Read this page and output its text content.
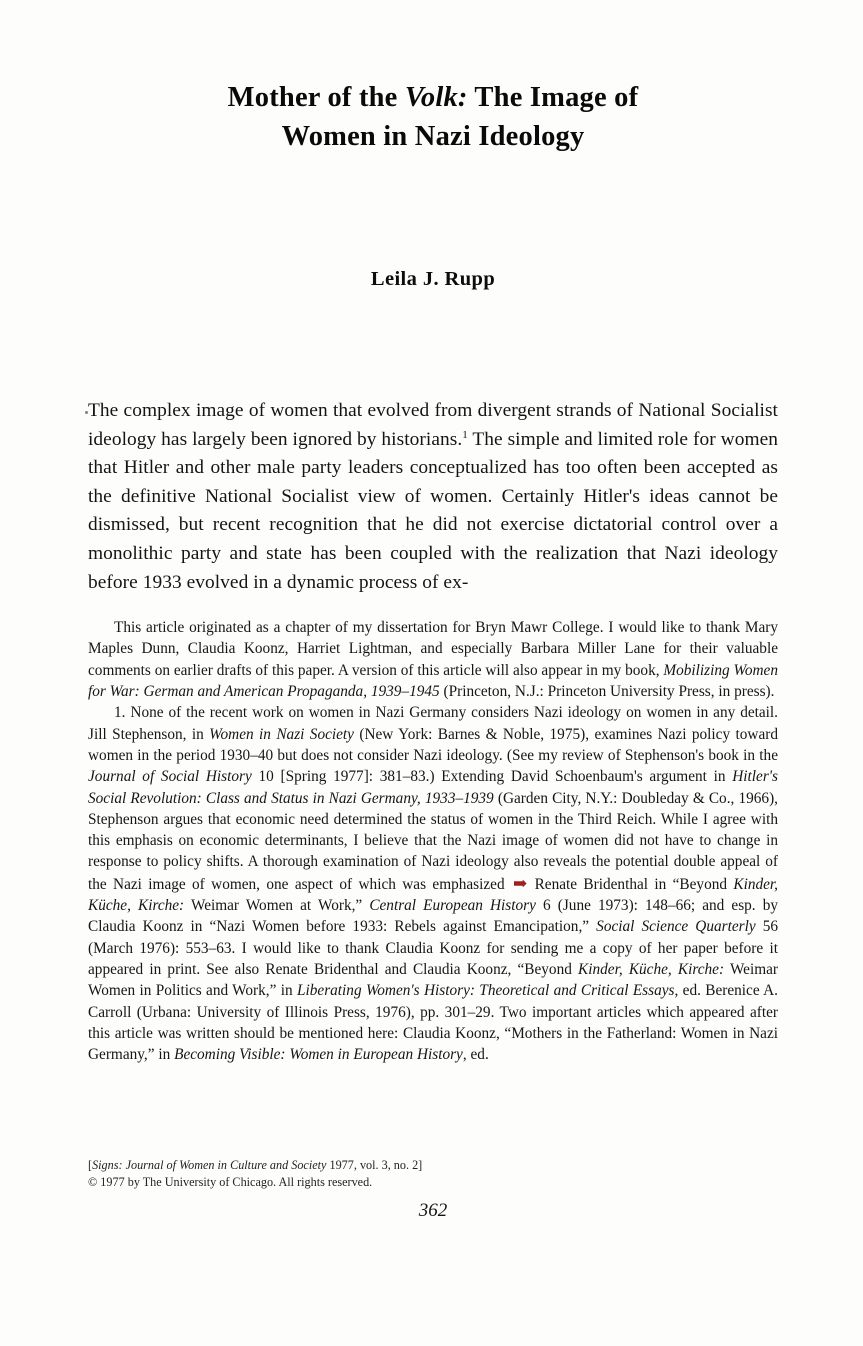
Mother of the Volk: The Image of
Women in Nazi Ideology
Leila J. Rupp
The complex image of women that evolved from divergent strands of National Socialist ideology has largely been ignored by historians.$^1$ The simple and limited role for women that Hitler and other male party leaders conceptualized has too often been accepted as the definitive National Socialist view of women. Certainly Hitler's ideas cannot be dismissed, but recent recognition that he did not exercise dictatorial control over a monolithic party and state has been coupled with the realization that Nazi ideology before 1933 evolved in a dynamic process of ex-

This article originated as a chapter of my dissertation for Bryn Mawr College. I would like to thank Mary Maples Dunn, Claudia Koonz, Harriet Lightman, and especially Barbara Miller Lane for their valuable comments on earlier drafts of this paper. A version of this article will also appear in my book, Mobilizing Women for War: German and American Propaganda, 1939–1945 (Princeton, N.J.: Princeton University Press, in press).

1. None of the recent work on women in Nazi Germany considers Nazi ideology on women in any detail. Jill Stephenson, in Women in Nazi Society (New York: Barnes & Noble, 1975), examines Nazi policy toward women in the period 1930–40 but does not consider Nazi ideology. (See my review of Stephenson's book in the Journal of Social History 10 [Spring 1977]: 381–83.) Extending David Schoenbaum's argument in Hitler's Social Revolution: Class and Status in Nazi Germany, 1933–1939 (Garden City, N.Y.: Doubleday & Co., 1966), Stephenson argues that economic need determined the status of women in the Third Reich. While I agree with this emphasis on economic determinants, I believe that the Nazi image of women did not have to change in response to policy shifts. A thorough examination of Nazi ideology also reveals the potential double appeal of the Nazi image of women, one aspect of which was emphasized ➡ Renate Bridenthal in “Beyond Kinder, Küche, Kirche: Weimar Women at Work,” Central European History 6 (June 1973): 148–66; and esp. by Claudia Koonz in “Nazi Women before 1933: Rebels against Emancipation,” Social Science Quarterly 56 (March 1976): 553–63. I would like to thank Claudia Koonz for sending me a copy of her paper before it appeared in print. See also Renate Bridenthal and Claudia Koonz, “Beyond Kinder, Küche, Kirche: Weimar Women in Politics and Work,” in Liberating Women's History: Theoretical and Critical Essays, ed. Berenice A. Carroll (Urbana: University of Illinois Press, 1976), pp. 301–29. Two important articles which appeared after this article was written should be mentioned here: Claudia Koonz, “Mothers in the Fatherland: Women in Nazi Germany,” in Becoming Visible: Women in European History, ed.

[Signs: Journal of Women in Culture and Society 1977, vol. 3, no. 2]
© 1977 by The University of Chicago. All rights reserved.
362
